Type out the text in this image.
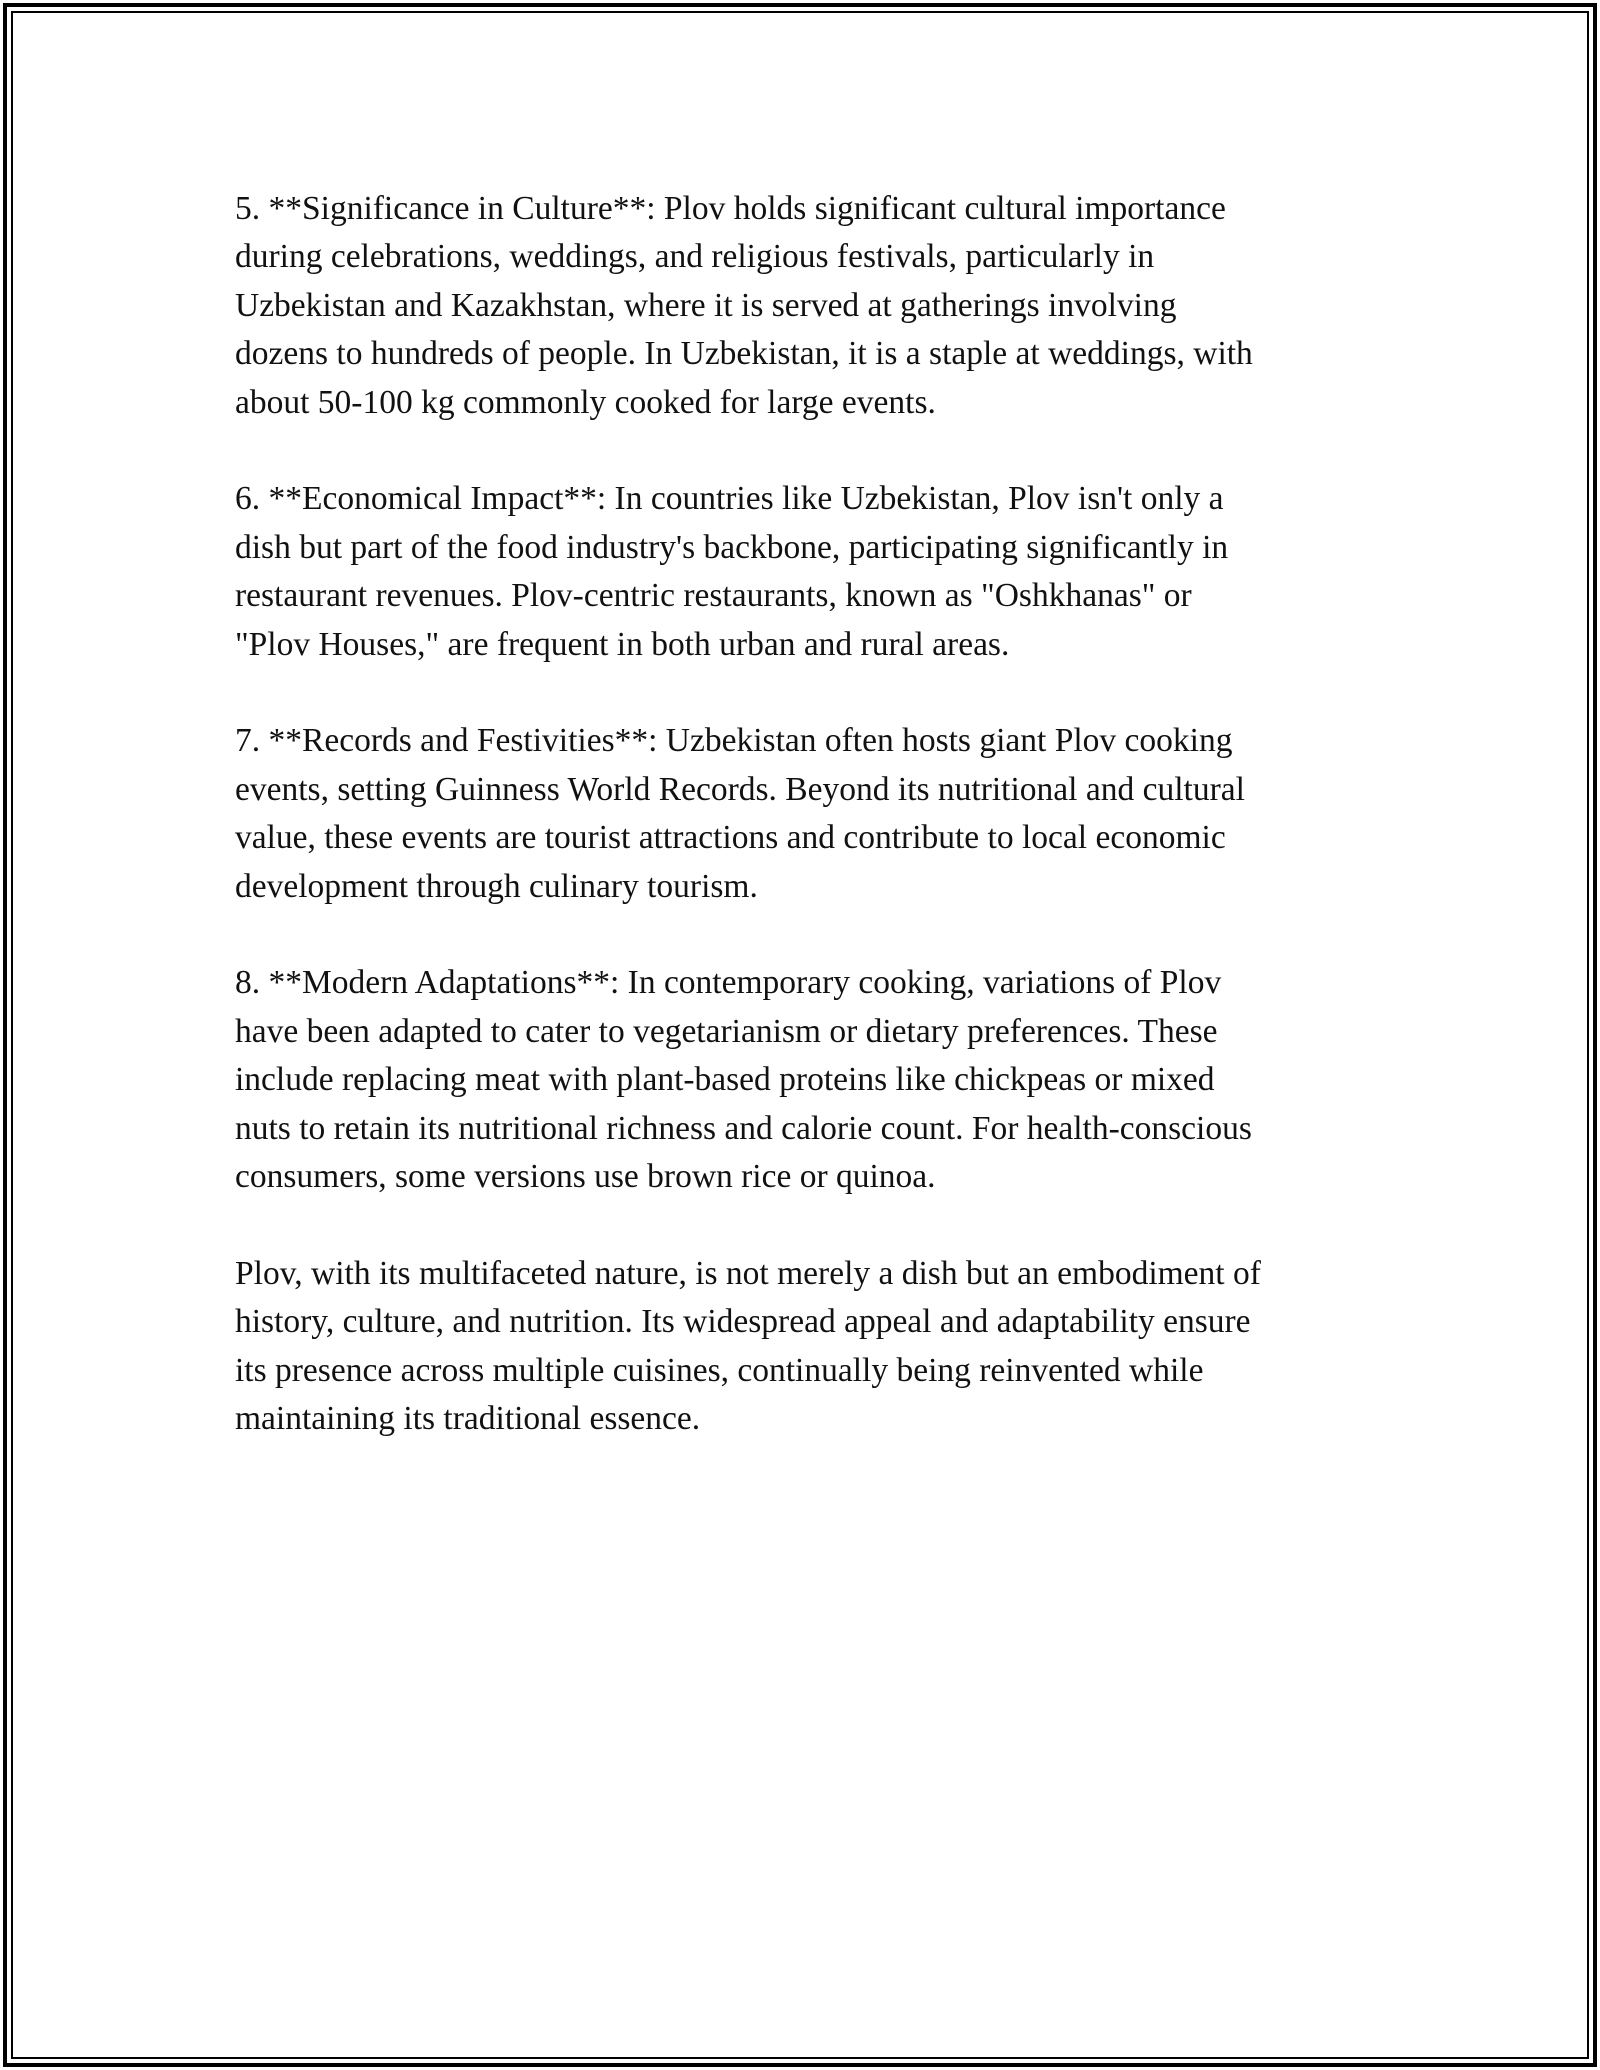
5. **Significance in Culture**: Plov holds significant cultural importance
during celebrations, weddings, and religious festivals, particularly in
Uzbekistan and Kazakhstan, where it is served at gatherings involving
dozens to hundreds of people. In Uzbekistan, it is a staple at weddings, with
about 50-100 kg commonly cooked for large events.

6. **Economical Impact**: In countries like Uzbekistan, Plov isn't only a
dish but part of the food industry's backbone, participating significantly in
restaurant revenues. Plov-centric restaurants, known as "Oshkhanas" or
"Plov Houses," are frequent in both urban and rural areas.

7. **Records and Festivities**: Uzbekistan often hosts giant Plov cooking
events, setting Guinness World Records. Beyond its nutritional and cultural
value, these events are tourist attractions and contribute to local economic
development through culinary tourism.

8. **Modern Adaptations**: In contemporary cooking, variations of Plov
have been adapted to cater to vegetarianism or dietary preferences. These
include replacing meat with plant-based proteins like chickpeas or mixed
nuts to retain its nutritional richness and calorie count. For health-conscious
consumers, some versions use brown rice or quinoa.

Plov, with its multifaceted nature, is not merely a dish but an embodiment of
history, culture, and nutrition. Its widespread appeal and adaptability ensure
its presence across multiple cuisines, continually being reinvented while
maintaining its traditional essence.
